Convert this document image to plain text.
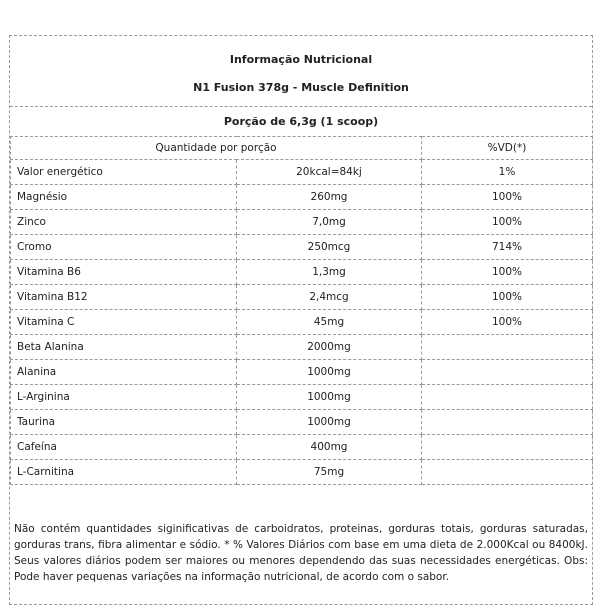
Informação Nutricional
N1 Fusion 378g - Muscle Definition
Porção de 6,3g (1 scoop)
Quantidade por porção		%VD(*)
Valor energético	20kcal=84kj	1%
Magnésio	260mg	100%
Zinco	7,0mg	100%
Cromo	250mcg	714%
Vitamina B6	1,3mg	100%
Vitamina B12	2,4mcg	100%
Vitamina C	45mg	100%
Beta Alanina	2000mg	
Alanina	1000mg	
L-Arginina	1000mg	
Taurina	1000mg	
Cafeína	400mg	
L-Carnitina	75mg	
Não contém quantidades siginificativas de carboidratos, proteinas, gorduras totais, gorduras saturadas, gorduras trans, fibra alimentar e sódio. * % Valores Diários com base em uma dieta de 2.000Kcal ou 8400kJ. Seus valores diários podem ser maiores ou menores dependendo das suas necessidades energéticas. Obs: Pode haver pequenas variações na informação nutricional, de acordo com o sabor.
